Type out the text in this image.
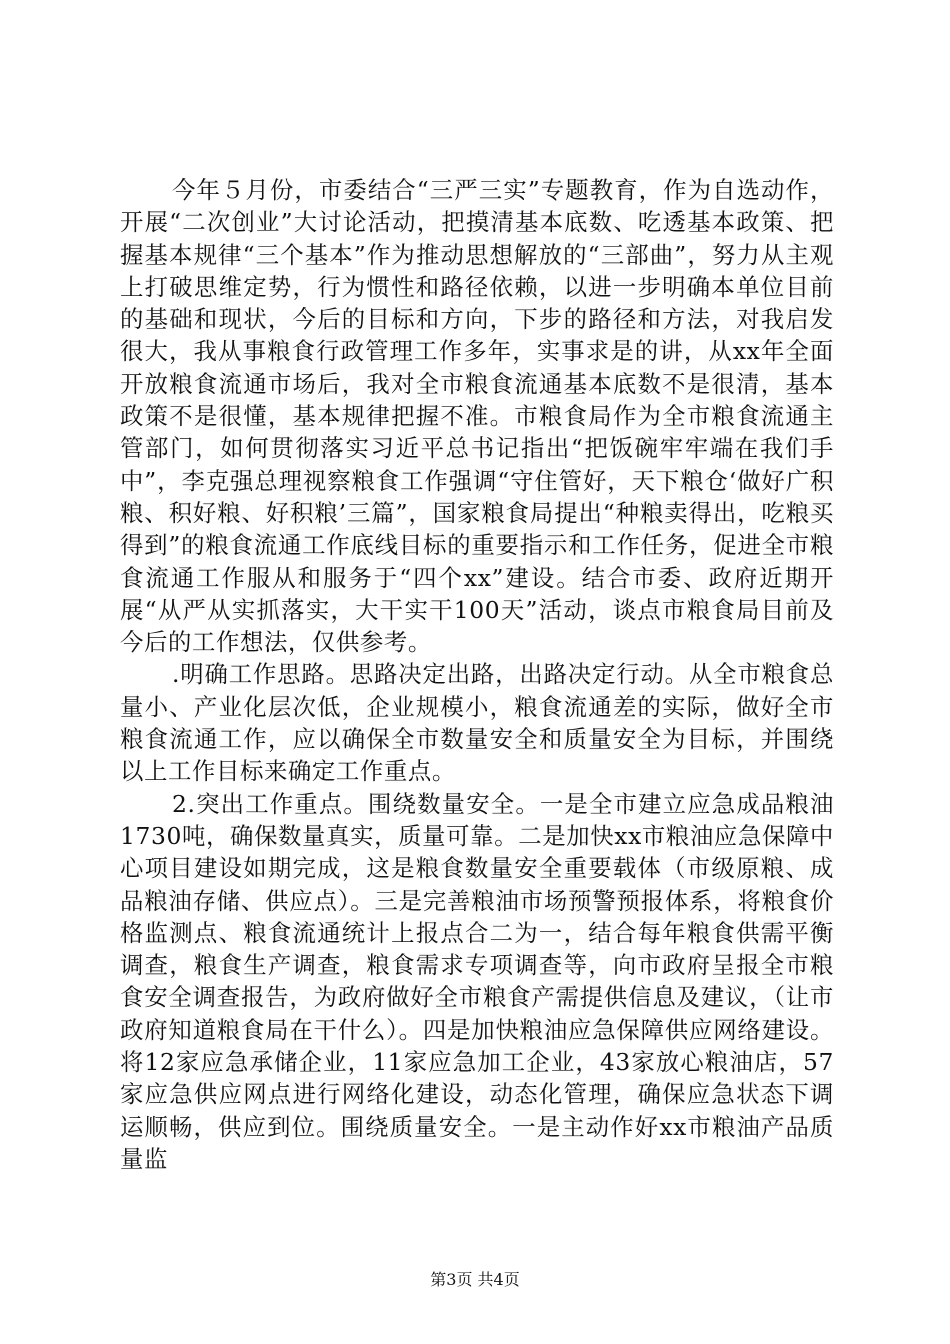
今年５月份，市委结合“三严三实”专题教育，作为自选动作，开展“二次创业”大讨论活动，把摸清基本底数、吃透基本政策、把握基本规律“三个基本”作为推动思想解放的“三部曲”，努力从主观上打破思维定势，行为惯性和路径依赖，以进一步明确本单位目前的基础和现状，今后的目标和方向，下步的路径和方法，对我启发很大，我从事粮食行政管理工作多年，实事求是的讲，从xx年全面开放粮食流通市场后，我对全市粮食流通基本底数不是很清，基本政策不是很懂，基本规律把握不准。市粮食局作为全市粮食流通主管部门，如何贯彻落实习近平总书记指出“把饭碗牢牢端在我们手中”，李克强总理视察粮食工作强调“守住管好，天下粮仓‘做好广积粮、积好粮、好积粮’三篇”，国家粮食局提出“种粮卖得出，吃粮买得到”的粮食流通工作底线目标的重要指示和工作任务，促进全市粮食流通工作服从和服务于“四个xx”建设。结合市委、政府近期开展“从严从实抓落实，大干实干100天”活动，谈点市粮食局目前及今后的工作想法，仅供参考。

.明确工作思路。思路决定出路，出路决定行动。从全市粮食总量小、产业化层次低，企业规模小，粮食流通差的实际，做好全市粮食流通工作，应以确保全市数量安全和质量安全为目标，并围绕以上工作目标来确定工作重点。

2.突出工作重点。围绕数量安全。一是全市建立应急成品粮油1730吨，确保数量真实，质量可靠。二是加快xx市粮油应急保障中心项目建设如期完成，这是粮食数量安全重要载体（市级原粮、成品粮油存储、供应点）。三是完善粮油市场预警预报体系，将粮食价格监测点、粮食流通统计上报点合二为一，结合每年粮食供需平衡调查，粮食生产调查，粮食需求专项调查等，向市政府呈报全市粮食安全调查报告，为政府做好全市粮食产需提供信息及建议，（让市政府知道粮食局在干什么）。四是加快粮油应急保障供应网络建设。将12家应急承储企业，11家应急加工企业，43家放心粮油店，57家应急供应网点进行网络化建设，动态化管理，确保应急状态下调运顺畅，供应到位。围绕质量安全。一是主动作好xx市粮油产品质量监

第3页 共4页
